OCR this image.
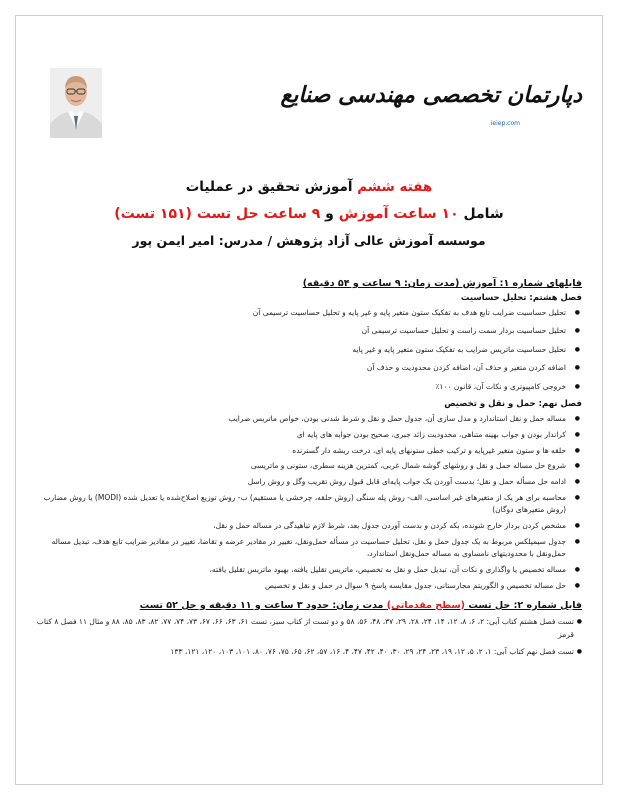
دپارتمان تخصصی مهندسی صنایع
ieiep.com
هفته ششم آموزش تحقیق در عملیات
شامل ۱۰ ساعت آموزش و ۹ ساعت حل تست (۱۵۱ تست)
موسسه آموزش عالی آزاد پژوهش / مدرس: امیر ایمن پور
فایلهای شماره ۱: آموزش (مدت زمان: ۹ ساعت و ۵۴ دقیقه)
فصل هشتم: تحلیل حساسیت
● تحلیل حساسیت ضرایب تابع هدف به تفکیک ستون متغیر پایه و غیر پایه و تحلیل حساسیت ترسیمی آن
● تحلیل حساسیت بردار سمت راست و تحلیل حساسیت ترسیمی آن
● تحلیل حساسیت ماتریس ضرایب به تفکیک ستون متغیر پایه و غیر پایه
● اضافه کردن متغیر و حذف آن، اضافه کردن محدودیت و حذف آن
● خروجی کامپیوتری و نکات آن، قانون ۱۰۰٪
فصل نهم: حمل و نقل و تخصیص
● مساله حمل و نقل استاندارد و مدل سازی آن، جدول حمل و نقل و شرط شدنی بودن، خواص ماتریس ضرایب
● کراندار بودن و جواب بهینه متناهی، محدودیت زائد جبری، صحیح بودن جوابه های پایه ای
● حلقه ها و ستون متغیر غیرپایه و ترکیب خطی ستونهای پایه ای، درخت ریشه دار گسترنده
● شروع حل مساله حمل و نقل و روشهای گوشه شمال غربی، کمترین هزینه سطری، ستونی و ماتریسی
● ادامه حل مسأله حمل و نقل؛ بدست آوردن یک جواب پایه‌ای قابل قبول روش تقریب وگل و روش راسل
● محاسبه برای هر یک از متغیرهای غیر اساسی، الف- روش پله سنگی (روش حلقه، چرخشی یا مستقیم) ب- روش توزیع اصلاح‌شده یا تعدیل شده (MODI) یا روش مضارب (روش متغیرهای دوگان)
● مشخص کردن بردار خارج شونده، بکه کردن و بدست آوردن جدول بعد، شرط لازم تباهیدگی در مساله حمل و نقل،
● جدول سیمپلکس مربوط به یک جدول حمل و نقل، تحلیل حساسیت در مسأله حمل‌ونقل، تغییر در مقادیر عرضه و تقاضا، تغییر در مقادیر ضرایب تابع هدف، تبدیل مساله حمل‌ونقل با محدودیتهای نامساوی به مساله حمل‌ونقل استاندارد،
● مساله تخصیص یا واگذاری و نکات آن، تبدیل حمل و نقل به تخصیص، ماتریس تقلیل یافته، بهبود ماتریس تقلیل یافته،
● حل مساله تخصیص و الگوریتم مجارستانی، جدول مقایسه پاسخ ۹ سوال در حمل و نقل و تخصیص
فایل شماره ۲: حل تست (سطح مقدماتی) مدت زمان: حدود ۳ ساعت و ۱۱ دقیقه و حل ۵۲ تست
● تست فصل هشتم کتاب آبی: ۲، ۶، ۸، ۱۲، ۱۴، ۲۴، ۲۸، ۲۹، ۳۷، ۴۸، ۵۶، ۵۸ و دو تست از کتاب سبز، تست ۶۱، ۶۳، ۶۶، ۶۷، ۷۳، ۷۴، ۷۷، ۸۲، ۸۳، ۸۵، ۸۸ و مثال ۱۱ فصل ۸ کتاب قرمز
● تست فصل نهم کتاب آبی: ۱، ۲، ۵، ۱۲، ۱۹، ۲۳، ۲۴، ۲۹، ۳۰، ۴۰، ۴۲، ۴۷، ۴، ۱۶، ۵۷، ۶۲، ۶۵، ۷۵، ۷۶، ۸۰، ۱۰۱، ۱۰۳، ۱۲۰، ۱۲۱، ۱۳۳
